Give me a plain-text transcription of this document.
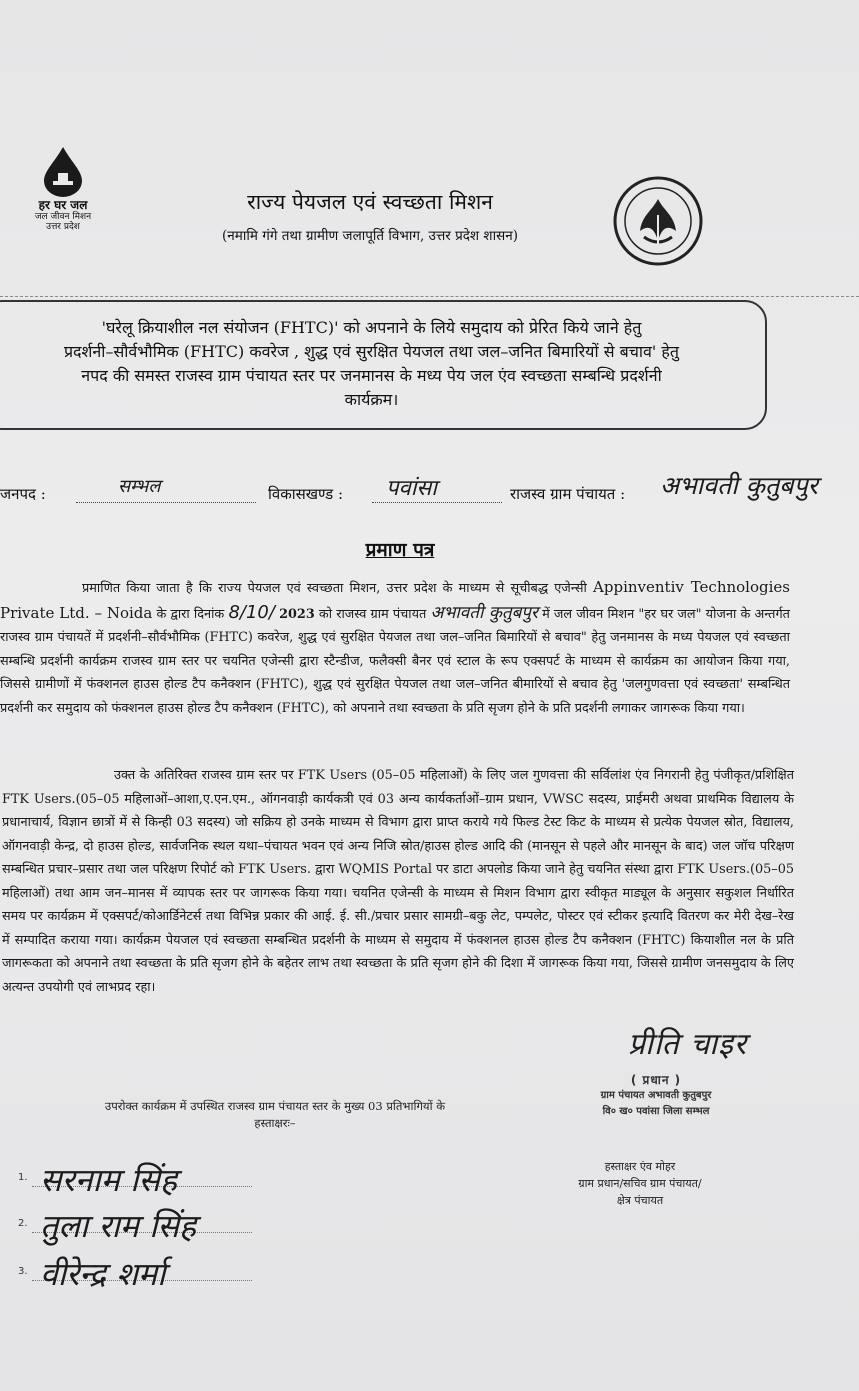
हर घर जल
जल जीवन मिशन
उत्तर प्रदेश
राज्य पेयजल एवं स्वच्छता मिशन
(नमामि गंगे तथा ग्रामीण जलापूर्ति विभाग, उत्तर प्रदेश शासन)
'घरेलू क्रियाशील नल संयोजन (FHTC)' को अपनाने के लिये समुदाय को प्रेरित किये जाने हेतु
प्रदर्शनी–सौर्वभौमिक (FHTC) कवरेज , शुद्ध एवं सुरक्षित पेयजल तथा जल–जनित बिमारियों से बचाव' हेतु
नपद की समस्त राजस्व ग्राम पंचायत स्तर पर जनमानस के मध्य पेय जल एंव स्वच्छता सम्बन्धि प्रदर्शनी
कार्यक्रम।
जनपद :	सम्भल	विकासखण्ड : पवांसा	राजस्व ग्राम पंचायत : अभावती कुतुबपुर
प्रमाण पत्र
प्रमाणित किया जाता है कि राज्य पेयजल एवं स्वच्छता मिशन, उत्तर प्रदेश के माध्यम से सूचीबद्ध एजेन्सी Appinventiv Technologies Private Ltd. – Noida के द्वारा दिनांक 8/10/ 2023 को राजस्व ग्राम पंचायत अभावती कुतुबपुर में जल जीवन मिशन "हर घर जल" योजना के अन्तर्गत राजस्व ग्राम पंचायतें में प्रदर्शनी–सौर्वभौमिक (FHTC) कवरेज, शुद्ध एवं सुरक्षित पेयजल तथा जल–जनित बिमारियों से बचाव" हेतु जनमानस के मध्य पेयजल एवं स्वच्छता सम्बन्धि प्रदर्शनी कार्यक्रम राजस्व ग्राम स्तर पर चयनित एजेन्सी द्वारा स्टैन्डीज, फलैक्सी बैनर एवं स्टाल के रूप एक्सपर्ट के माध्यम से कार्यक्रम का आयोजन किया गया, जिससे ग्रामीणों में फंक्शनल हाउस होल्ड टैप कनैक्शन (FHTC), शुद्ध एवं सुरक्षित पेयजल तथा जल–जनित बीमारियों से बचाव हेतु 'जलगुणवत्ता एवं स्वच्छता' सम्बन्धित प्रदर्शनी कर समुदाय को फंक्शनल हाउस होल्ड टैप कनैक्शन (FHTC), को अपनाने तथा स्वच्छता के प्रति सृजग होने के प्रति प्रदर्शनी लगाकर जागरूक किया गया।
उक्त के अतिरिक्त राजस्व ग्राम स्तर पर FTK Users (05–05 महिलाओं) के लिए जल गुणवत्ता की सर्विलांश एंव निगरानी हेतु पंजीकृत/प्रशिक्षित FTK Users.(05–05 महिलाओं–आशा,ए.एन.एम., ऑगनवाड़ी कार्यकत्री एवं 03 अन्य कार्यकर्ताओं–ग्राम प्रधान, VWSC सदस्य, प्राईमरी अथवा प्राथमिक विद्यालय के प्रधानाचार्य, विज्ञान छात्रों में से किन्ही 03 सदस्य) जो सक्रिय हो उनके माध्यम से विभाग द्वारा प्राप्त कराये गये फिल्ड टेस्ट किट के माध्यम से प्रत्येक पेयजल स्रोत, विद्यालय, ऑगनवाड़ी केन्द्र, दो हाउस होल्ड, सार्वजनिक स्थल यथा–पंचायत भवन एवं अन्य निजि स्रोत/हाउस होल्ड आदि की (मानसून से पहले और मानसून के बाद) जल जॉच परिक्षण सम्बन्धित प्रचार–प्रसार तथा जल परिक्षण रिपोर्ट को FTK Users. द्वारा WQMIS Portal पर डाटा अपलोड किया जाने हेतु चयनित संस्था द्वारा FTK Users.(05–05 महिलाओं) तथा आम जन–मानस में व्यापक स्तर पर जागरूक किया गया। चयनित एजेन्सी के माध्यम से मिशन विभाग द्वारा स्वीकृत माड्यूल के अनुसार सकुशल निर्धारित समय पर कार्यक्रम में एक्सपर्ट/कोआर्डिनेटर्स तथा विभिन्न प्रकार की आई. ई. सी./प्रचार प्रसार सामग्री–बकु लेट, पम्पलेट, पोस्टर एवं स्टीकर इत्यादि वितरण कर मेरी देख–रेख में सम्पादित कराया गया। कार्यक्रम पेयजल एवं स्वच्छता सम्बन्धित प्रदर्शनी के माध्यम से समुदाय में फंक्शनल हाउस होल्ड टैप कनैक्शन (FHTC) कियाशील नल के प्रति जागरूकता को अपनाने तथा स्वच्छता के प्रति सृजग होने के बहेतर लाभ तथा स्वच्छता के प्रति सृजग होने की दिशा में जागरूक किया गया, जिससे ग्रामीण जनसमुदाय के लिए अत्यन्त उपयोगी एवं लाभप्रद रहा।
प्रीति चाइर
( प्रधान )
ग्राम पंचायत अभावती कुतुबपुर
वि० ख० पवांसा जिला सम्भल
हस्ताक्षर एंव मोहर
ग्राम प्रधान/सचिव ग्राम पंचायत/
क्षेत्र पंचायत
उपरोक्त कार्यक्रम में उपस्थित राजस्व ग्राम पंचायत स्तर के मुख्य 03 प्रतिभागियों के
हस्ताक्षरः–
1. सरनाम सिंह
2. तुला राम सिंह
3. वीरेन्द्र शर्मा
